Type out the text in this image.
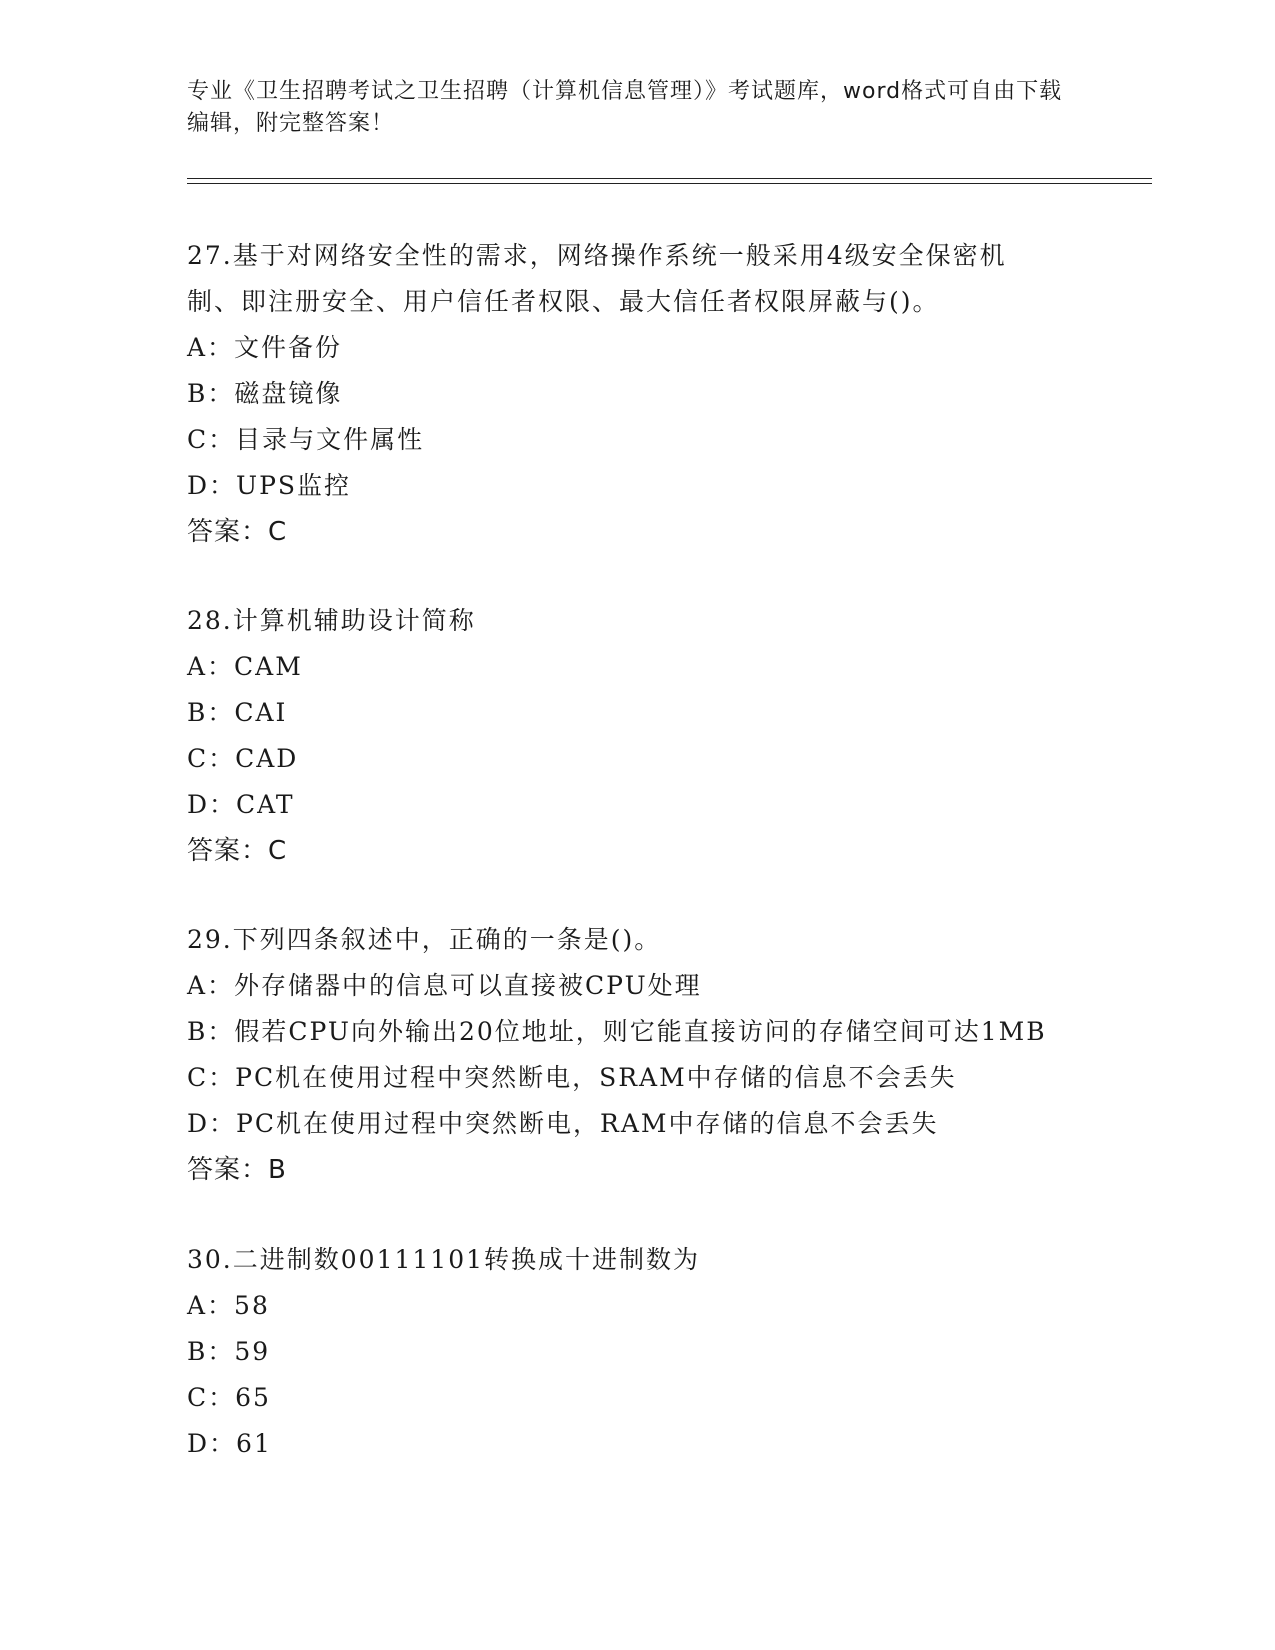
专业《卫生招聘考试之卫生招聘（计算机信息管理）》考试题库，word格式可自由下载编辑，附完整答案！
27.基于对网络安全性的需求，网络操作系统一般采用4级安全保密机
制、即注册安全、用户信任者权限、最大信任者权限屏蔽与()。
A：文件备份
B：磁盘镜像
C：目录与文件属性
D：UPS监控
答案：C
28.计算机辅助设计简称
A：CAM
B：CAI
C：CAD
D：CAT
答案：C
29.下列四条叙述中，正确的一条是()。
A：外存储器中的信息可以直接被CPU处理
B：假若CPU向外输出20位地址，则它能直接访问的存储空间可达1MB
C：PC机在使用过程中突然断电，SRAM中存储的信息不会丢失
D：PC机在使用过程中突然断电，RAM中存储的信息不会丢失
答案：B
30.二进制数00111101转换成十进制数为
A：58
B：59
C：65
D：61
